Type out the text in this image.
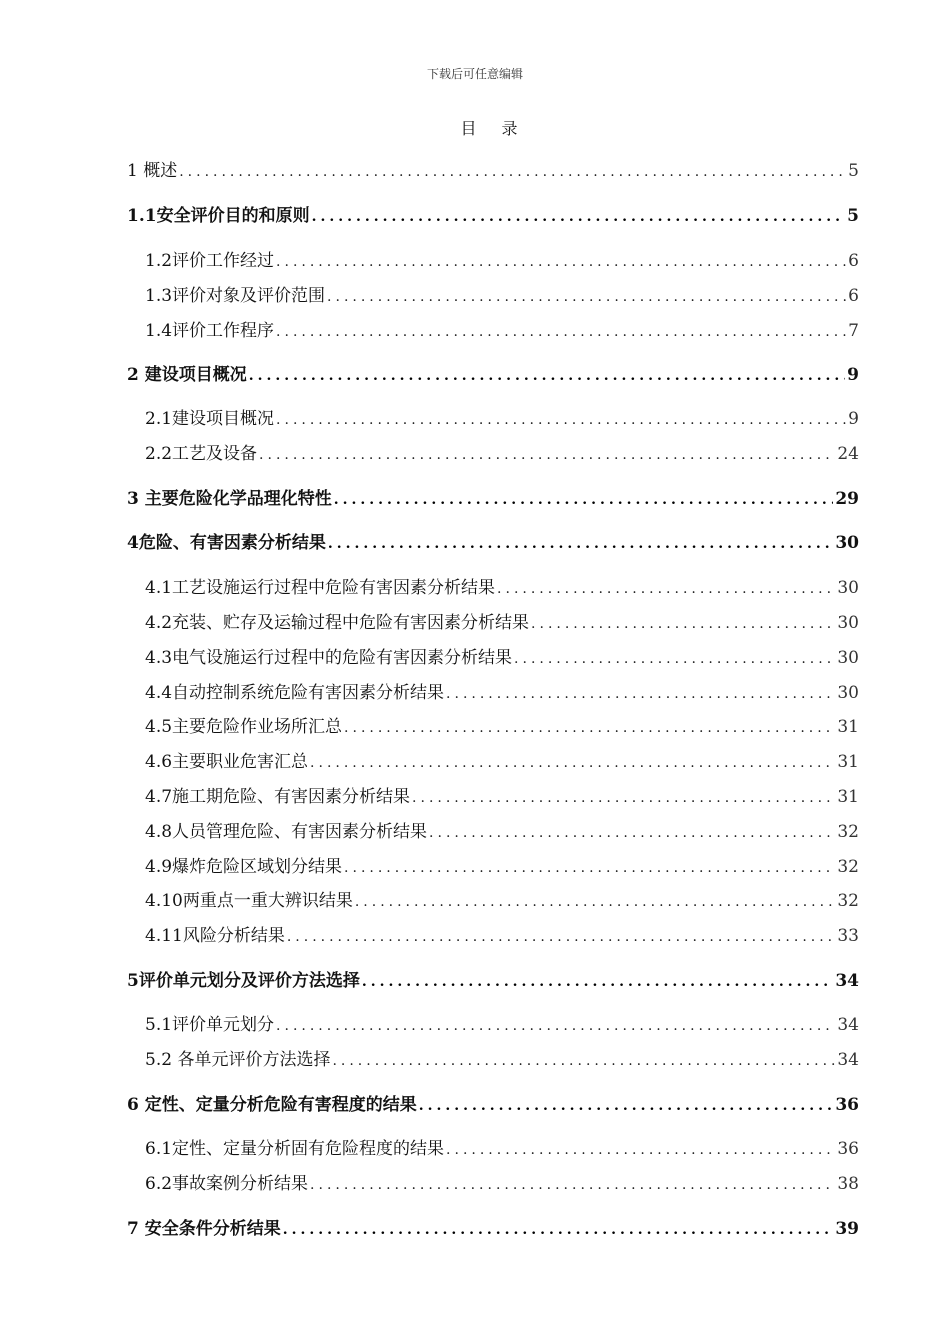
下载后可任意编辑
目 录
1 概述 .....	5
1.1安全评价目的和原则 .....	5
1.2评价工作经过 .....	6
1.3评价对象及评价范围 .....	6
1.4评价工作程序 .....	7
2 建设项目概况 .....	9
2.1建设项目概况 .....	9
2.2工艺及设备 .....	24
3 主要危险化学品理化特性 .....	29
4危险、有害因素分析结果 .....	30
4.1工艺设施运行过程中危险有害因素分析结果 .....	30
4.2充装、贮存及运输过程中危险有害因素分析结果 .....	30
4.3电气设施运行过程中的危险有害因素分析结果 .....	30
4.4自动控制系统危险有害因素分析结果 .....	30
4.5主要危险作业场所汇总 .....	31
4.6主要职业危害汇总 .....	31
4.7施工期危险、有害因素分析结果 .....	31
4.8人员管理危险、有害因素分析结果 .....	32
4.9爆炸危险区域划分结果 .....	32
4.10两重点一重大辨识结果 .....	32
4.11风险分析结果 .....	33
5评价单元划分及评价方法选择 .....	34
5.1评价单元划分 .....	34
5.2 各单元评价方法选择 .....	34
6 定性、定量分析危险有害程度的结果 .....	36
6.1定性、定量分析固有危险程度的结果 .....	36
6.2事故案例分析结果 .....	38
7 安全条件分析结果 .....	39
